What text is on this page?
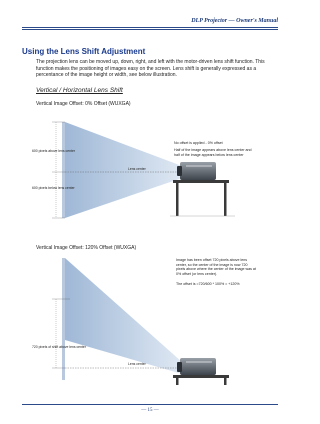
DLP Projector — Owner's Manual
Using the Lens Shift Adjustment
The projection lens can be moved up, down, right, and left with the motor-driven lens shift function. This function makes the positioning of images easy on the screen. Lens shift is generally expressed as a percentance of the image height or width, see below illustration.
Vertical / Horizontal Lens Shift
Vertical Image Offset: 0% Offset (WUXGA)
600 pixels above lens center
600 pixels below lens center
Lens center
No offset is applied - 0% offset
Half of the image appears above lens center and half of the image appears below lens center
Vertical Image Offset: 120% Offset (WUXGA)
720 pixels of shift above lens center
Lens center
Image has been offset 720 pixels above lens center, so the center of the image is now 720 pixels above where the center of the image was at 0% offset (or lens center).
The offset is =720/600 * 100% = +120%
— 15 —
